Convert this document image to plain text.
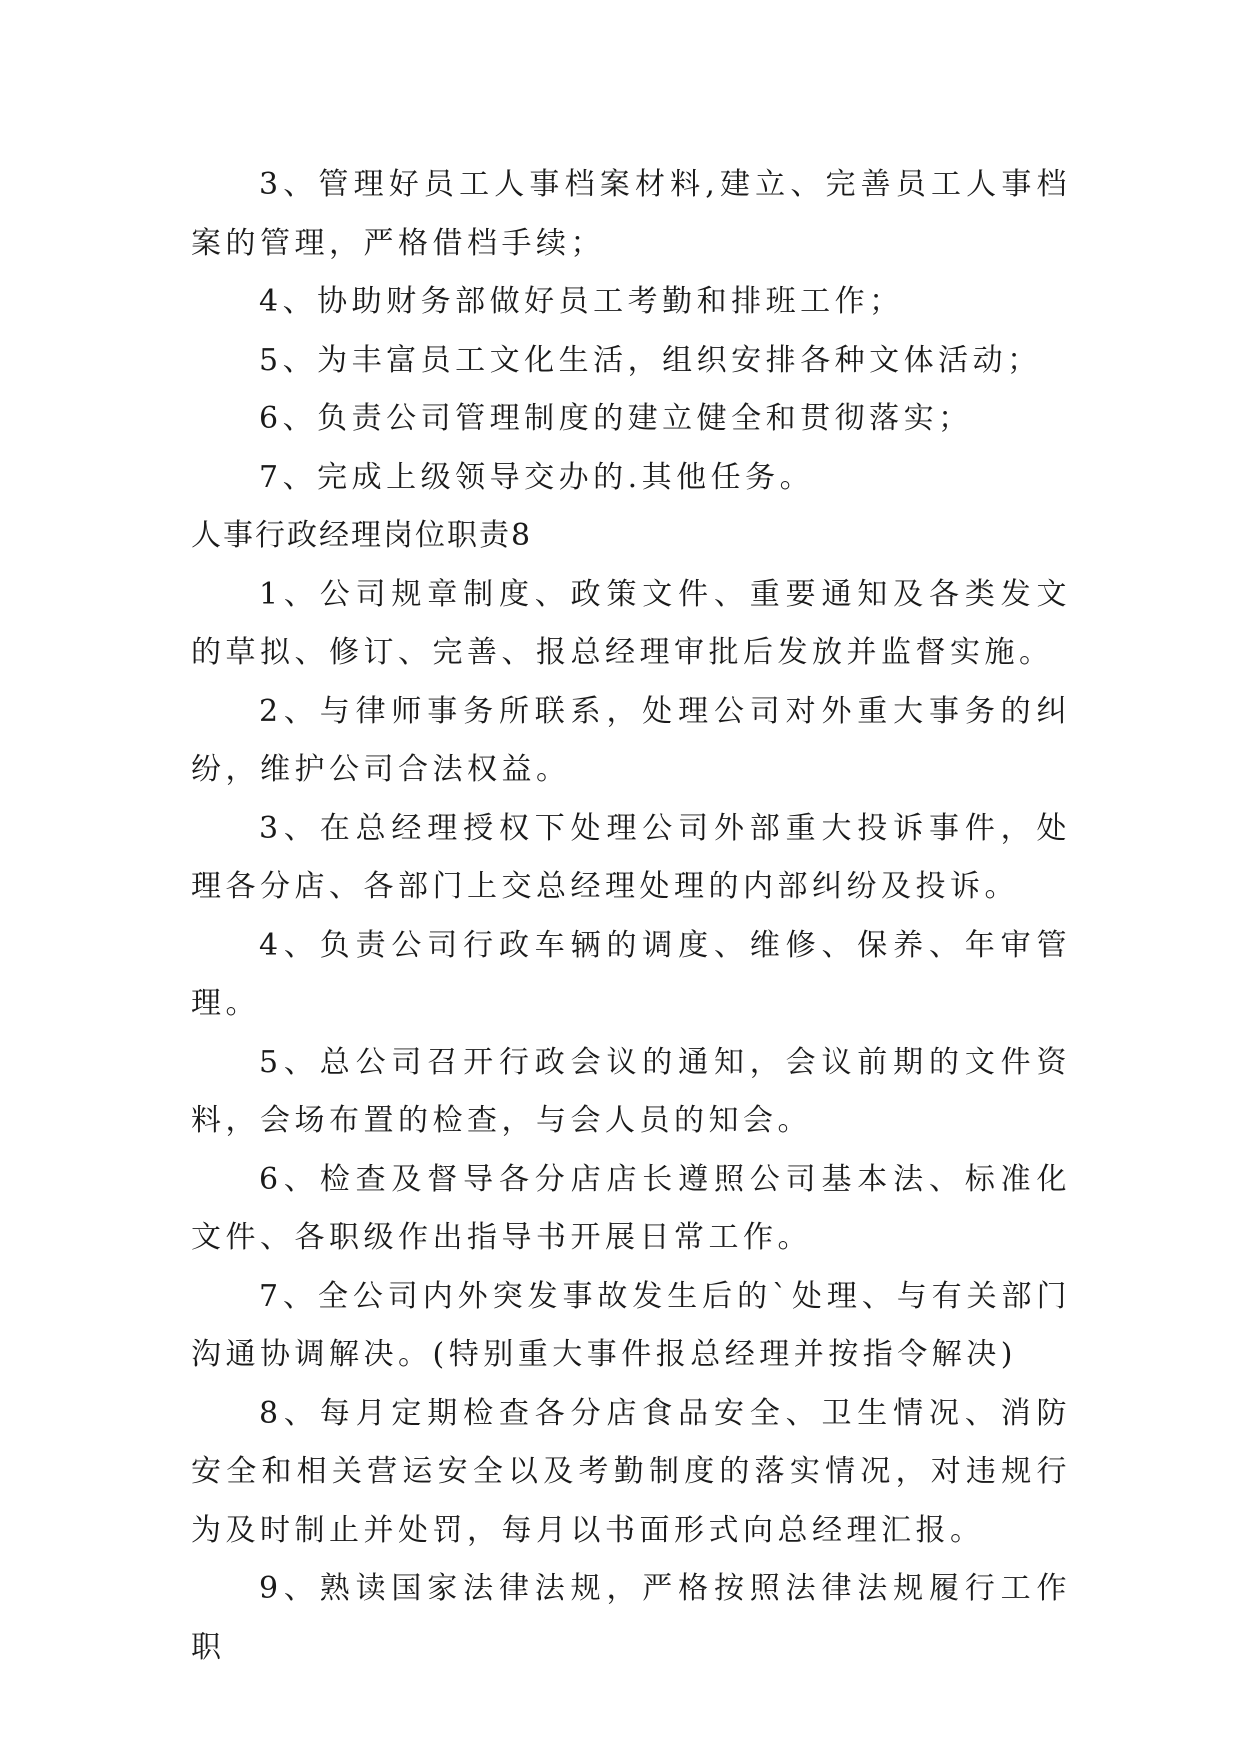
3、管理好员工人事档案材料,建立、完善员工人事档案的管理，严格借档手续；

4、协助财务部做好员工考勤和排班工作；

5、为丰富员工文化生活，组织安排各种文体活动；

6、负责公司管理制度的建立健全和贯彻落实；

7、完成上级领导交办的.其他任务。

人事行政经理岗位职责8

1、公司规章制度、政策文件、重要通知及各类发文的草拟、修订、完善、报总经理审批后发放并监督实施。

2、与律师事务所联系，处理公司对外重大事务的纠纷，维护公司合法权益。

3、在总经理授权下处理公司外部重大投诉事件，处理各分店、各部门上交总经理处理的内部纠纷及投诉。

4、负责公司行政车辆的调度、维修、保养、年审管理。

5、总公司召开行政会议的通知，会议前期的文件资料，会场布置的检查，与会人员的知会。

6、检查及督导各分店店长遵照公司基本法、标准化文件、各职级作出指导书开展日常工作。

7、全公司内外突发事故发生后的`处理、与有关部门沟通协调解决。(特别重大事件报总经理并按指令解决)

8、每月定期检查各分店食品安全、卫生情况、消防安全和相关营运安全以及考勤制度的落实情况，对违规行为及时制止并处罚，每月以书面形式向总经理汇报。

9、熟读国家法律法规，严格按照法律法规履行工作职
